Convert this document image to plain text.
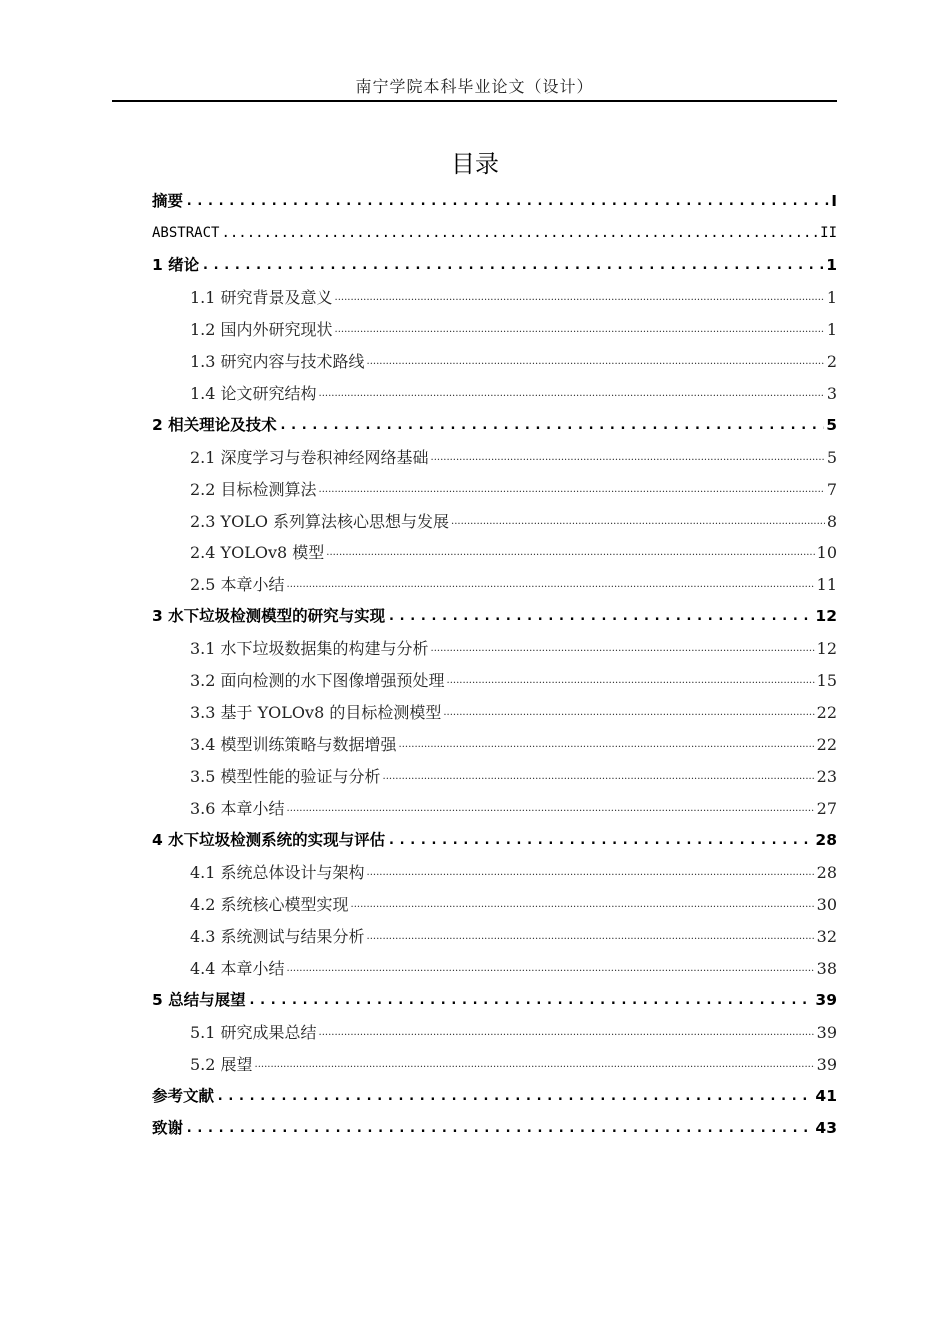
南宁学院本科毕业论文（设计）
目录
摘要 .....	I
ABSTRACT .....	II
1 绪论 .....	1
1.1 研究背景及意义 .....	1
1.2 国内外研究现状 .....	1
1.3 研究内容与技术路线 .....	2
1.4 论文研究结构 .....	3
2 相关理论及技术 .....	5
2.1 深度学习与卷积神经网络基础 .....	5
2.2 目标检测算法 .....	7
2.3 YOLO 系列算法核心思想与发展 .....	8
2.4 YOLOv8 模型 .....	10
2.5 本章小结 .....	11
3 水下垃圾检测模型的研究与实现 .....	12
3.1 水下垃圾数据集的构建与分析 .....	12
3.2 面向检测的水下图像增强预处理 .....	15
3.3 基于 YOLOv8 的目标检测模型 .....	22
3.4 模型训练策略与数据增强 .....	22
3.5 模型性能的验证与分析 .....	23
3.6 本章小结 .....	27
4 水下垃圾检测系统的实现与评估 .....	28
4.1 系统总体设计与架构 .....	28
4.2 系统核心模型实现 .....	30
4.3 系统测试与结果分析 .....	32
4.4 本章小结 .....	38
5 总结与展望 .....	39
5.1 研究成果总结 .....	39
5.2 展望 .....	39
参考文献 .....	41
致谢 .....	43
